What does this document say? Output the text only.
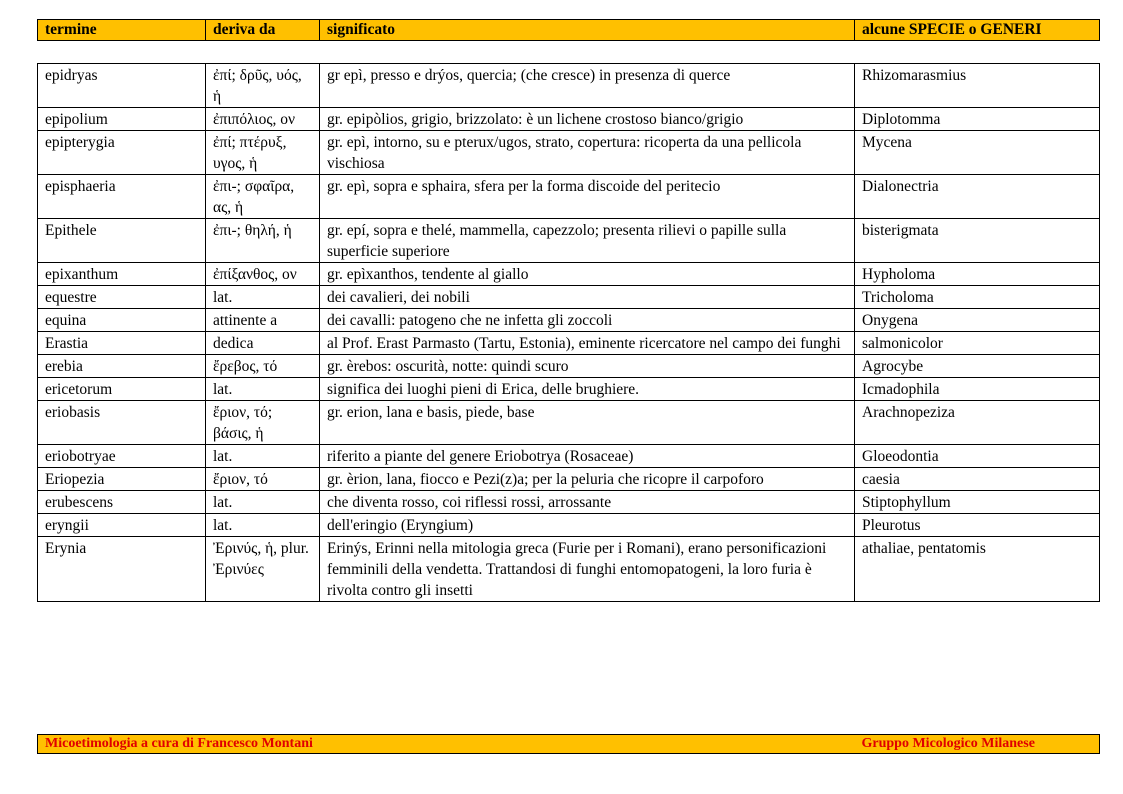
termine	deriva da	significato	alcune SPECIE o GENERI
epidryas	ἐπί; δρῦς, υός, ἡ	gr epì, presso e drýos, quercia; (che cresce) in presenza di querce	Rhizomarasmius
epipolium	ἐπιπόλιος, ον	gr. epipòlios, grigio, brizzolato: è un lichene crostoso bianco/grigio	Diplotomma
epipterygia	ἐπί; πτέρυξ, υγος, ἡ	gr. epì, intorno, su e pterux/ugos, strato, copertura: ricoperta da una pellicola vischiosa	Mycena
episphaeria	ἐπι-; σφαῖρα, ας, ἡ	gr. epì, sopra e sphaira, sfera per la forma discoide del peritecio	Dialonectria
Epithele	ἐπι-; θηλή, ἡ	gr. epí, sopra e thelé, mammella, capezzolo; presenta rilievi o papille sulla superficie superiore	bisterigmata
epixanthum	ἐπίξανθος, ον	gr. epìxanthos, tendente al giallo	Hypholoma
equestre	lat.	dei cavalieri, dei nobili	Tricholoma
equina	attinente a	dei cavalli: patogeno che ne infetta gli zoccoli	Onygena
Erastia	dedica	al Prof. Erast Parmasto (Tartu, Estonia), eminente ricercatore nel campo dei funghi	salmonicolor
erebia	ἔρεβος, τό	gr. èrebos: oscurità, notte: quindi scuro	Agrocybe
ericetorum	lat.	significa dei luoghi pieni di Erica, delle brughiere.	Icmadophila
eriobasis	ἔριον, τό; βάσις, ἡ	gr. erion, lana e basis, piede, base	Arachnopeziza
eriobotryae	lat.	riferito a piante del genere Eriobotrya (Rosaceae)	Gloeodontia
Eriopezia	ἔριον, τό	gr. èrion, lana, fiocco e Pezi(z)a; per la peluria che ricopre il carpoforo	caesia
erubescens	lat.	che diventa rosso, coi riflessi rossi, arrossante	Stiptophyllum
eryngii	lat.	dell'eringio (Eryngium)	Pleurotus
Erynia	Ἐρινύς, ἡ, plur. Ἐρινύες	Erinýs, Erinni nella mitologia greca (Furie per i Romani), erano personificazioni femminili della vendetta. Trattandosi di funghi entomopatogeni, la loro furia è rivolta contro gli insetti	athaliae, pentatomis
Micoetimologia a cura di Francesco Montani	Gruppo Micologico Milanese
